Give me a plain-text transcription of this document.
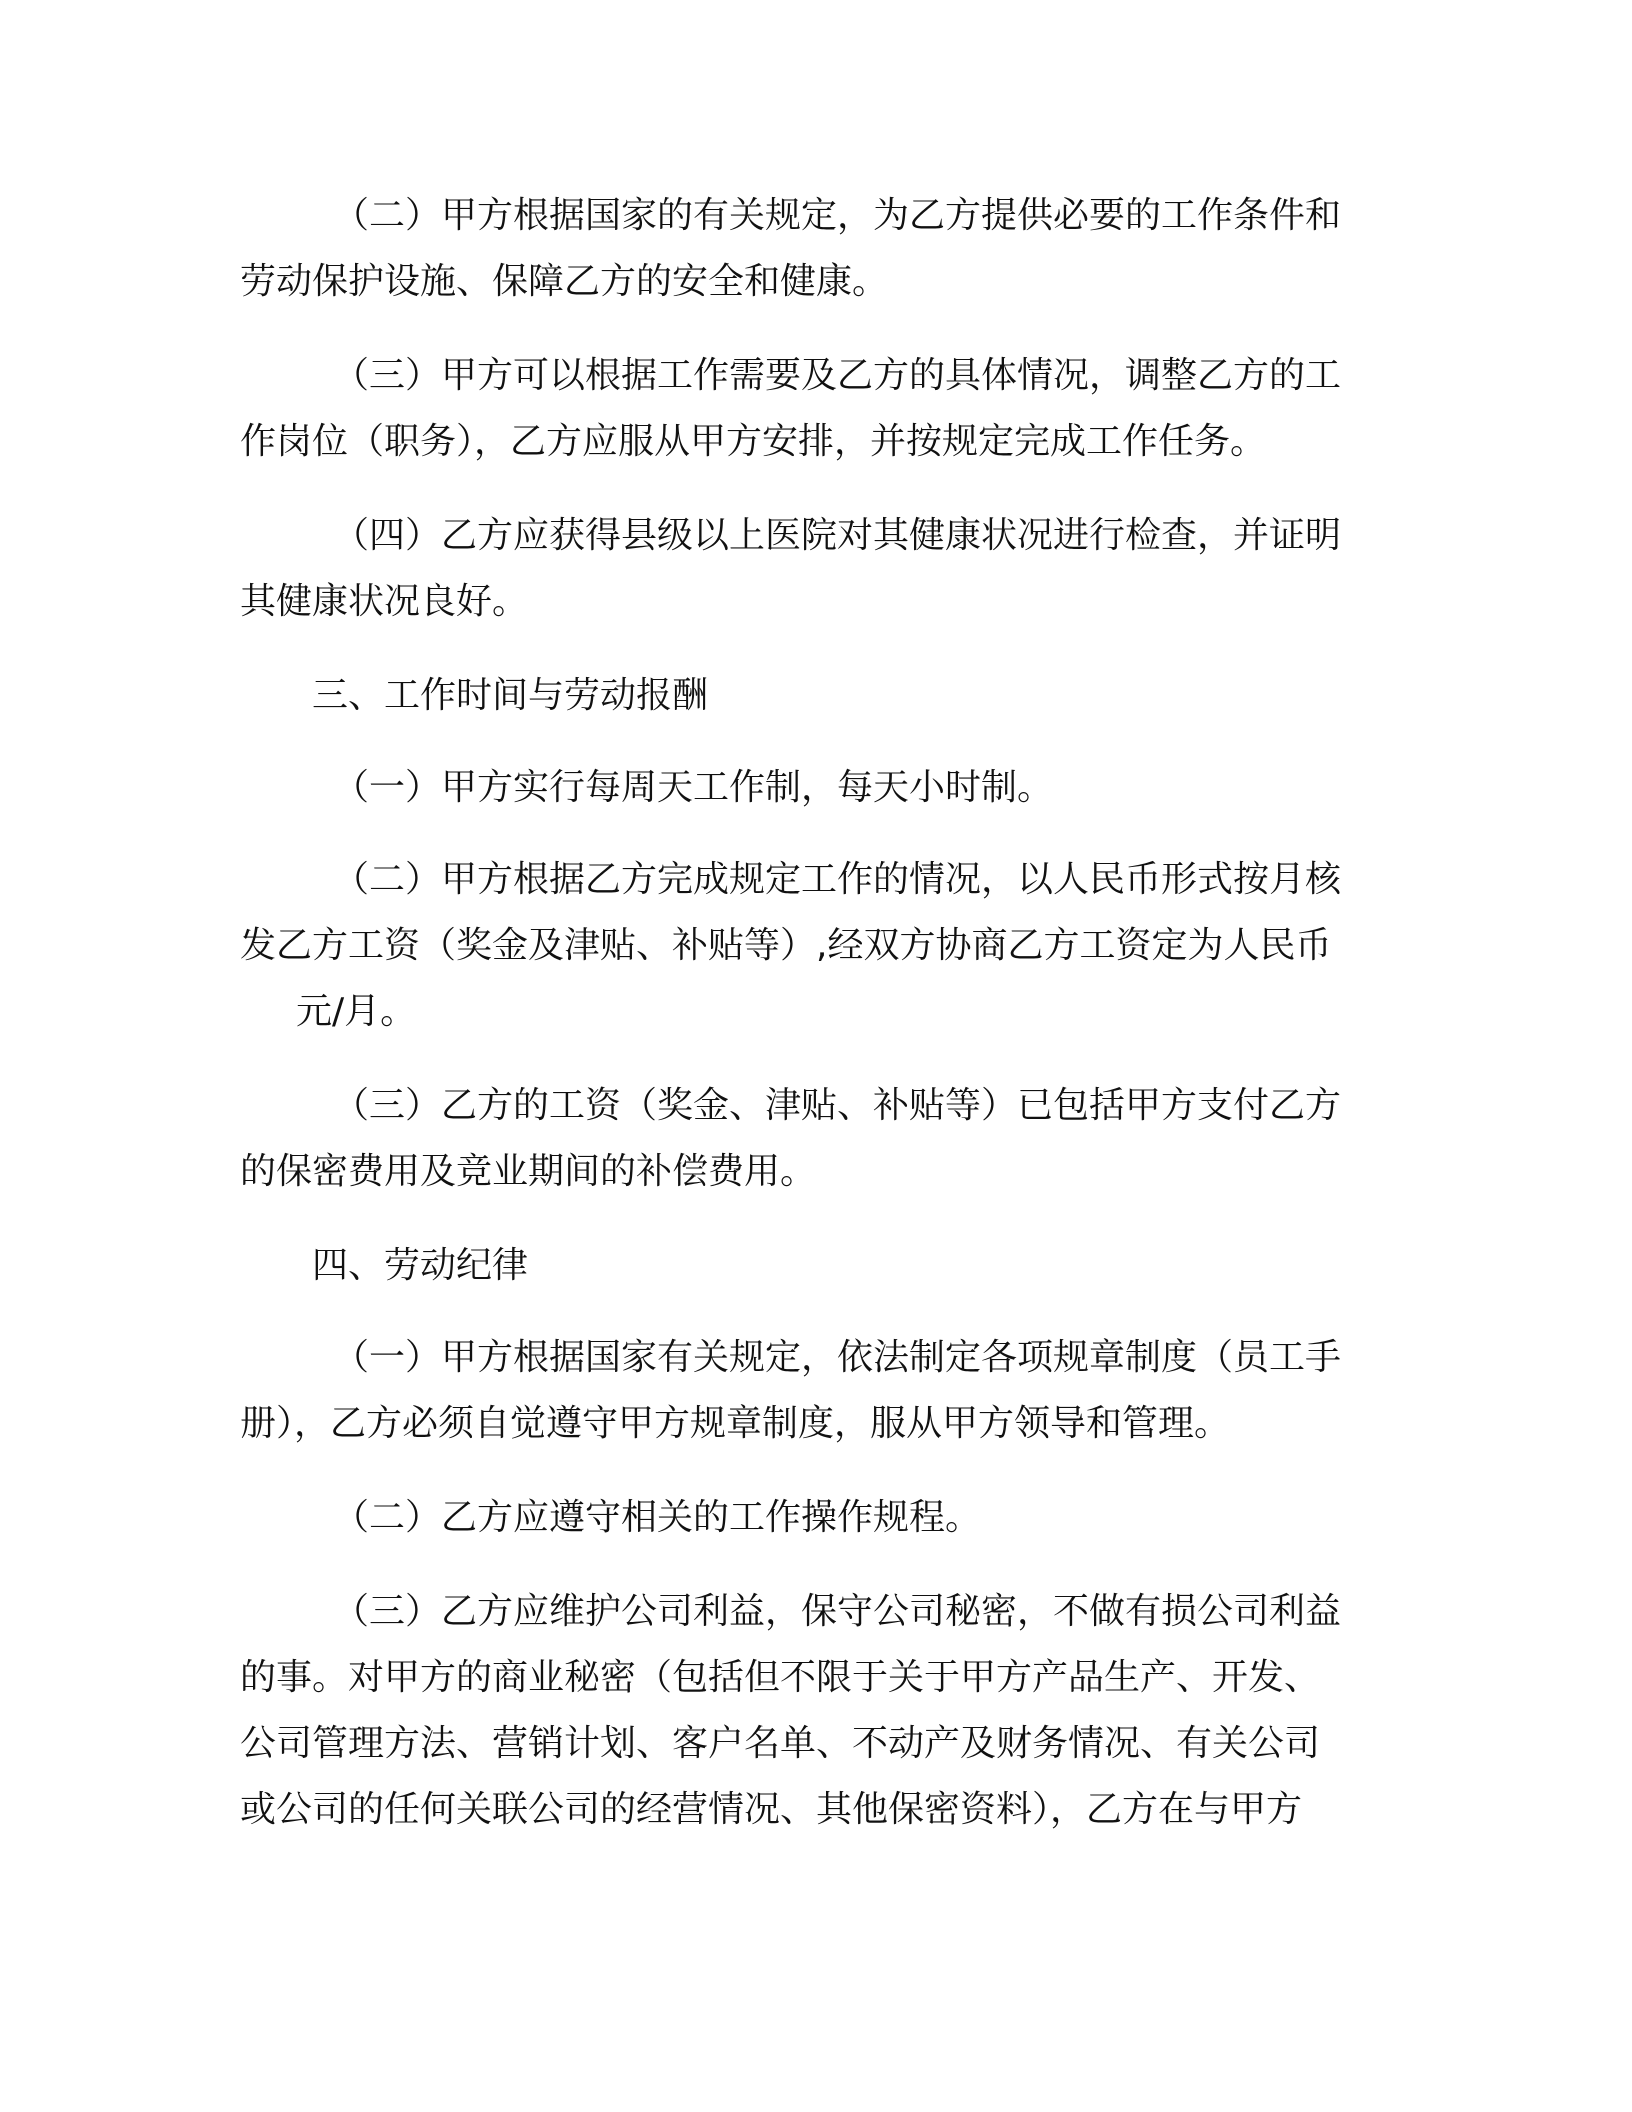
（二）甲方根据国家的有关规定，为乙方提供必要的工作条件和
劳动保护设施、保障乙方的安全和健康。
（三）甲方可以根据工作需要及乙方的具体情况，调整乙方的工
作岗位（职务），乙方应服从甲方安排，并按规定完成工作任务。
（四）乙方应获得县级以上医院对其健康状况进行检查，并证明
其健康状况良好。
三、工作时间与劳动报酬
（一）甲方实行每周天工作制，每天小时制。
（二）甲方根据乙方完成规定工作的情况，以人民币形式按月核
发乙方工资（奖金及津贴、补贴等）,经双方协商乙方工资定为人民币
元/月。
（三）乙方的工资（奖金、津贴、补贴等）已包括甲方支付乙方
的保密费用及竞业期间的补偿费用。
四、劳动纪律
（一）甲方根据国家有关规定，依法制定各项规章制度（员工手
册），乙方必须自觉遵守甲方规章制度，服从甲方领导和管理。
（二）乙方应遵守相关的工作操作规程。
（三）乙方应维护公司利益，保守公司秘密，不做有损公司利益
的事。对甲方的商业秘密（包括但不限于关于甲方产品生产、开发、
公司管理方法、营销计划、客户名单、不动产及财务情况、有关公司
或公司的任何关联公司的经营情况、其他保密资料），乙方在与甲方
